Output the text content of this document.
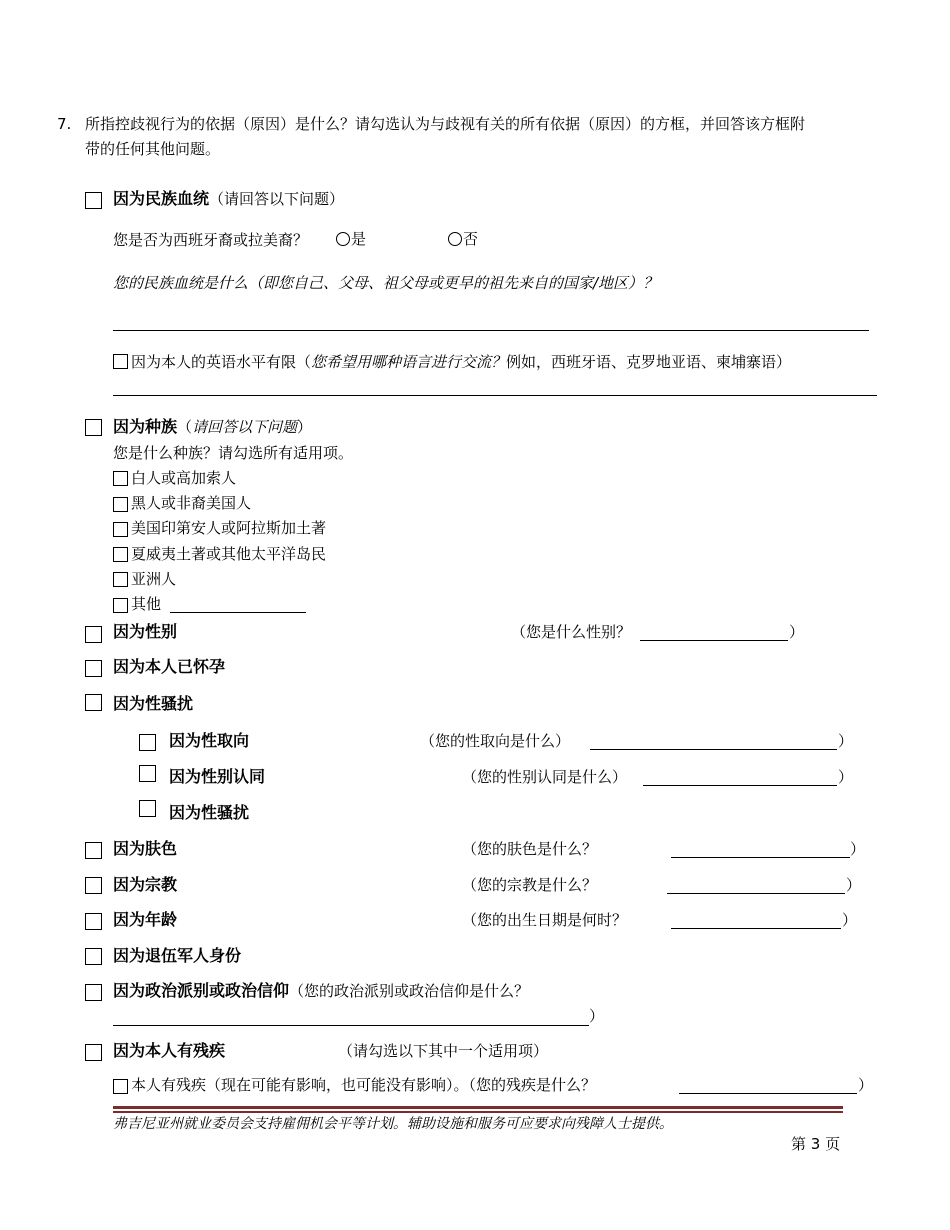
7. 所指控歧视行为的依据（原因）是什么？请勾选认为与歧视有关的所有依据（原因）的方框，并回答该方框附
带的任何其他问题。
因为民族血统（请回答以下问题）
您是否为西班牙裔或拉美裔？	是	否
您的民族血统是什么（即您自己、父母、祖父母或更早的祖先来自的国家/地区）？
因为本人的英语水平有限（您希望用哪种语言进行交流？例如，西班牙语、克罗地亚语、柬埔寨语）
因为种族（请回答以下问题）
您是什么种族？请勾选所有适用项。
白人或高加索人
黑人或非裔美国人
美国印第安人或阿拉斯加土著
夏威夷土著或其他太平洋岛民
亚洲人
其他
因为性别	（您是什么性别？	）
因为本人已怀孕
因为性骚扰
因为性取向	（您的性取向是什么）	）
因为性别认同	（您的性别认同是什么）	）
因为性骚扰
因为肤色	（您的肤色是什么？	）
因为宗教	（您的宗教是什么？	）
因为年龄	（您的出生日期是何时？	）
因为退伍军人身份
因为政治派别或政治信仰（您的政治派别或政治信仰是什么？
）
因为本人有残疾	（请勾选以下其中一个适用项）
本人有残疾（现在可能有影响，也可能没有影响）。（您的残疾是什么？	）
弗吉尼亚州就业委员会支持雇佣机会平等计划。辅助设施和服务可应要求向残障人士提供。
第 3 页
